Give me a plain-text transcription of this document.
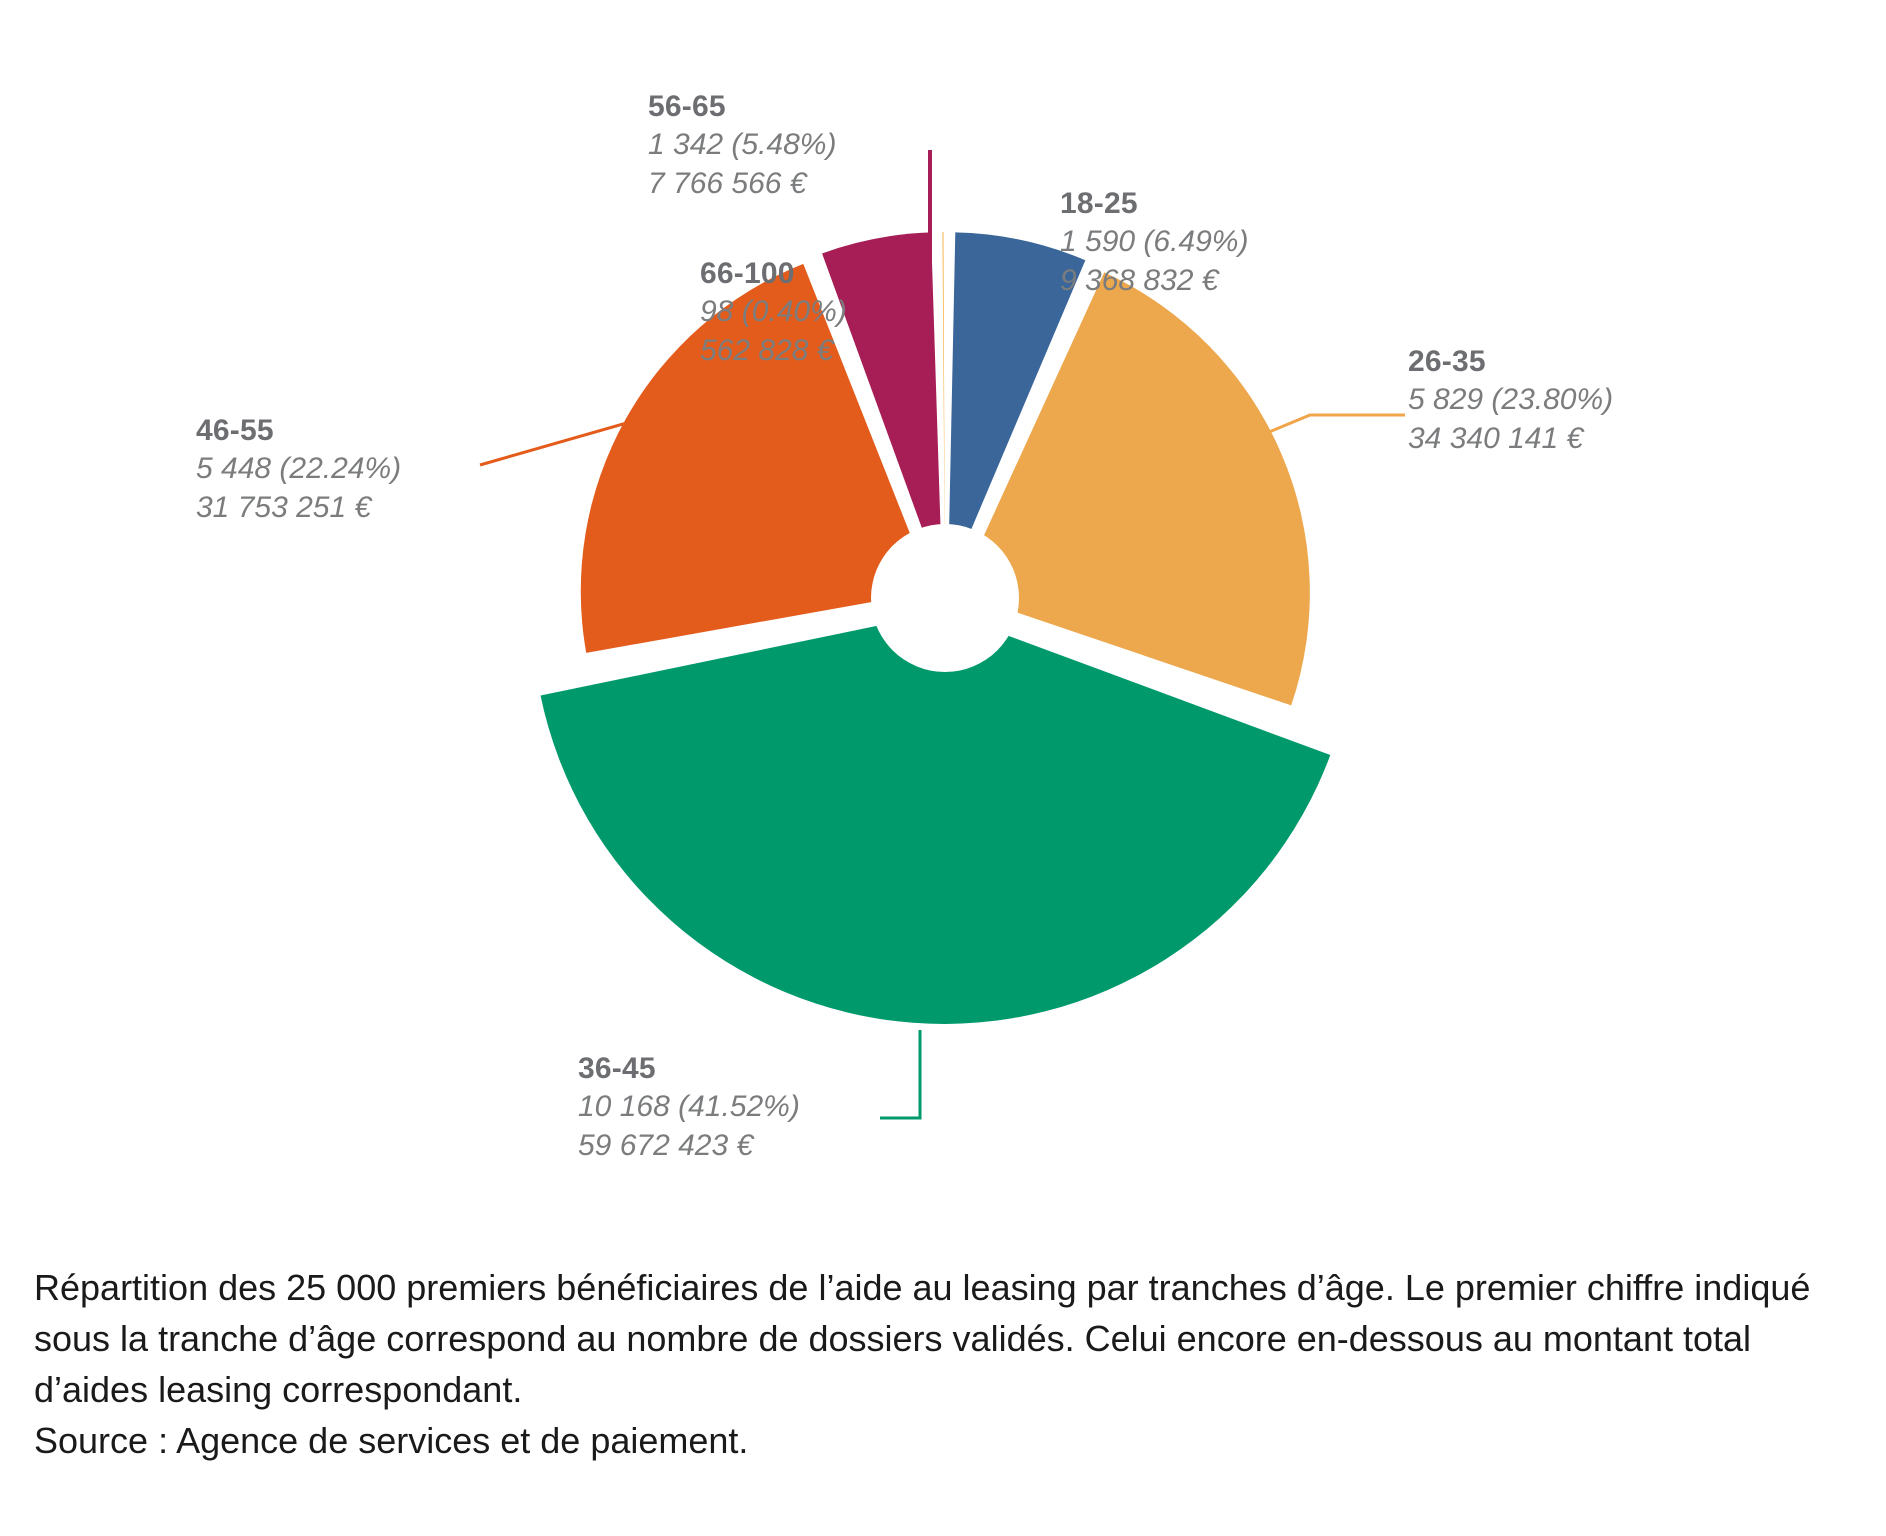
56-65
1 342 (5.48%)
7 766 566 €
66-100
98 (0.40%)
562 828 €
18-25
1 590 (6.49%)
9 368 832 €
26-35
5 829 (23.80%)
34 340 141 €
46-55
5 448 (22.24%)
31 753 251 €
36-45
10 168 (41.52%)
59 672 423 €

Répartition des 25 000 premiers bénéficiaires de l’aide au leasing par tranches d’âge. Le premier chiffre indiqué sous la tranche d’âge correspond au nombre de dossiers validés. Celui encore en-dessous au montant total d’aides leasing correspondant.

Source : Agence de services et de paiement.
